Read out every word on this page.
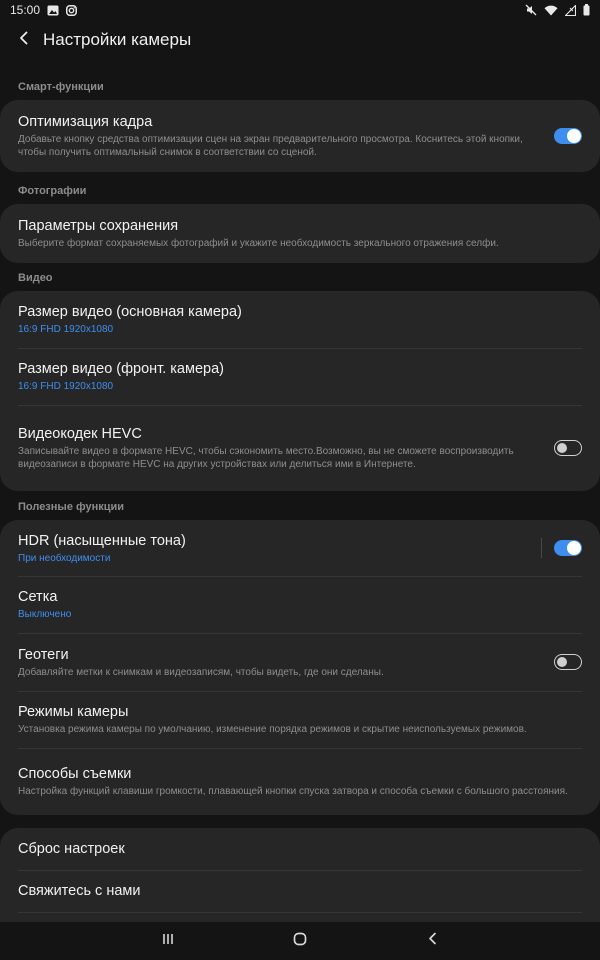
15:00
Настройки камеры
Смарт-функции
Оптимизация кадра
Добавьте кнопку средства оптимизации сцен на экран предварительного просмотра. Коснитесь этой кнопки, чтобы получить оптимальный снимок в соответствии со сценой.
Фотографии
Параметры сохранения
Выберите формат сохраняемых фотографий и укажите необходимость зеркального отражения селфи.
Видео
Размер видео (основная камера)
16:9 FHD 1920x1080
Размер видео (фронт. камера)
16:9 FHD 1920x1080
Видеокодек HEVC
Записывайте видео в формате HEVC, чтобы сэкономить место.Возможно, вы не сможете воспроизводить видеозаписи в формате HEVC на других устройствах или делиться ими в Интернете.
Полезные функции
HDR (насыщенные тона)
При необходимости
Сетка
Выключено
Геотеги
Добавляйте метки к снимкам и видеозаписям, чтобы видеть, где они сделаны.
Режимы камеры
Установка режима камеры по умолчанию, изменение порядка режимов и скрытие неиспользуемых режимов.
Способы съемки
Настройка функций клавиши громкости, плавающей кнопки спуска затвора и способа съемки с большого расстояния.
Сброс настроек
Свяжитесь с нами
